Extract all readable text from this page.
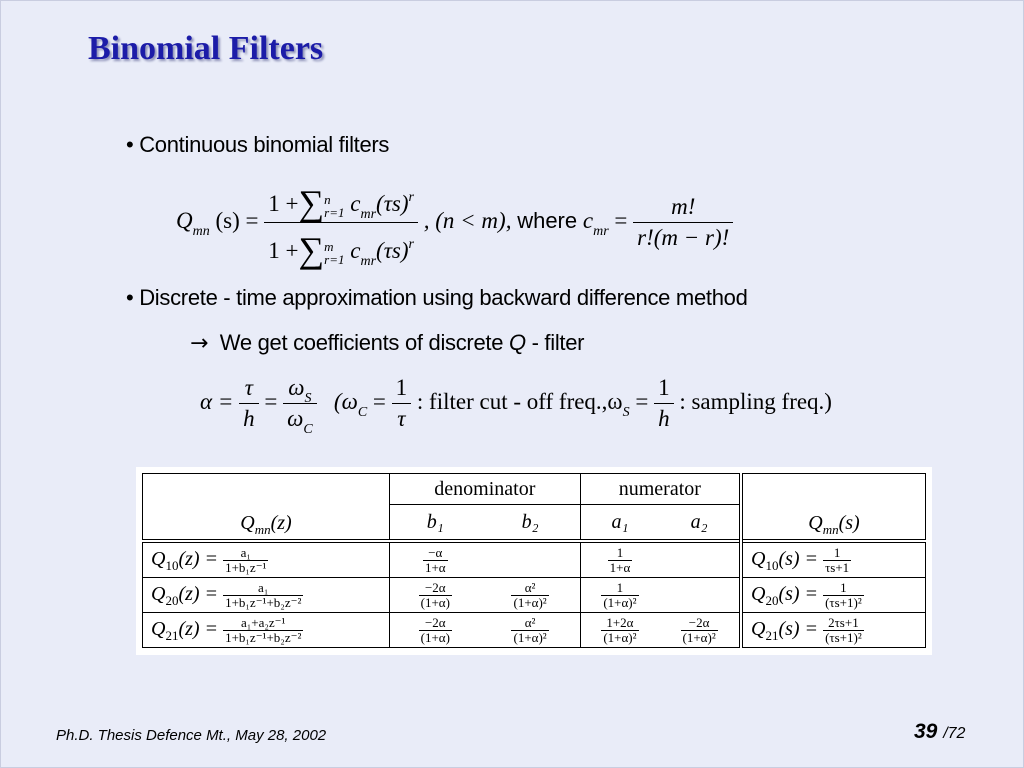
Binomial Filters
• Continuous binomial filters
$Q_{mn}$ (s) =
1 +∑n
r=1 $c_{mr}(\tau s)^r$
1 +∑m
r=1 $c_{mr}(\tau s)^r$
, (n < m), where $c_{mr} = \frac{m!}{r!(m - r)!}$
• Discrete - time approximation using backward difference method
→ We get coefficients of discrete Q - filter
$\alpha = \frac{\tau}{h} = \frac{\omega_S}{\omega_C} (\omega_C = \frac{1}{\tau}$ : filter cut - off $freq.,\omega_S = \frac{1}{h}$ : sampling freq.)
$Q_{mn}(z)$	denominator		numerator		$Q_{mn}(s)$
	b₁	b₂	a₁	a₂	
$Q_{10}(z) = \frac{\text{a₁}}{\text{1+b₁z⁻¹}}$	$\frac{-\alpha}{1+\alpha}$		$\frac{1}{1+\alpha}$		$Q_{10}(s) = \frac{1}{\tau s+1}$

$Q_{20}(z) = \frac{\text{a₁}}{\text{1+b₁z⁻¹+b₂z⁻²}}$	$\frac{-2\alpha}{(1+\alpha)}$	$\frac{\text{α²}}{\text{(1+α)²}}$	$\frac{1}{\text{(1+α)²}}$		$Q_{20}(s) = \frac{1}{\text{(τs+1)²}}$

$Q_{21}(z) = \frac{\text{a₁+a₂z⁻¹}}{\text{1+b₁z⁻¹+b₂z⁻²}}$	$\frac{-2\alpha}{(1+\alpha)}$	$\frac{\text{α²}}{\text{(1+α)²}}$	$\frac{1+2\alpha}{\text{(1+α)²}}$	$\frac{-2\alpha}{\text{(1+α)²}}$	$Q_{21}(s) = \frac{2\tau s+1}{\text{(τs+1)²}}$
Ph.D. Thesis Defence Mt., May 28, 2002	39 /72
